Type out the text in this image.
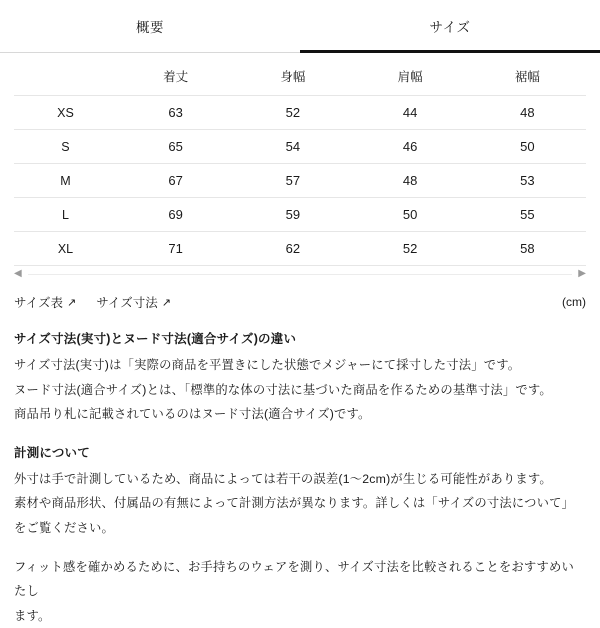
概要	サイズ
	着丈	身幅	肩幅	裾幅
XS	63	52	44	48
S	65	54	46	50
M	67	57	48	53
L	69	59	50	55
XL	71	62	52	58
◀	▶
サイズ表 ↗ サイズ寸法 ↗	(cm)

サイズ寸法(実寸)とヌード寸法(適合サイズ)の違い

サイズ寸法(実寸)は「実際の商品を平置きにした状態でメジャーにて採寸した寸法」です。

ヌード寸法(適合サイズ)とは、「標準的な体の寸法に基づいた商品を作るための基準寸法」です。

商品吊り札に記載されているのはヌード寸法(適合サイズ)です。

計測について

外寸は手で計測しているため、商品によっては若干の誤差(1〜2cm)が生じる可能性があります。

素材や商品形状、付属品の有無によって計測方法が異なります。詳しくは「サイズの寸法について」をご覧ください。

フィット感を確かめるために、お手持ちのウェアを測り、サイズ寸法を比較されることをおすすめいたし

ます。
